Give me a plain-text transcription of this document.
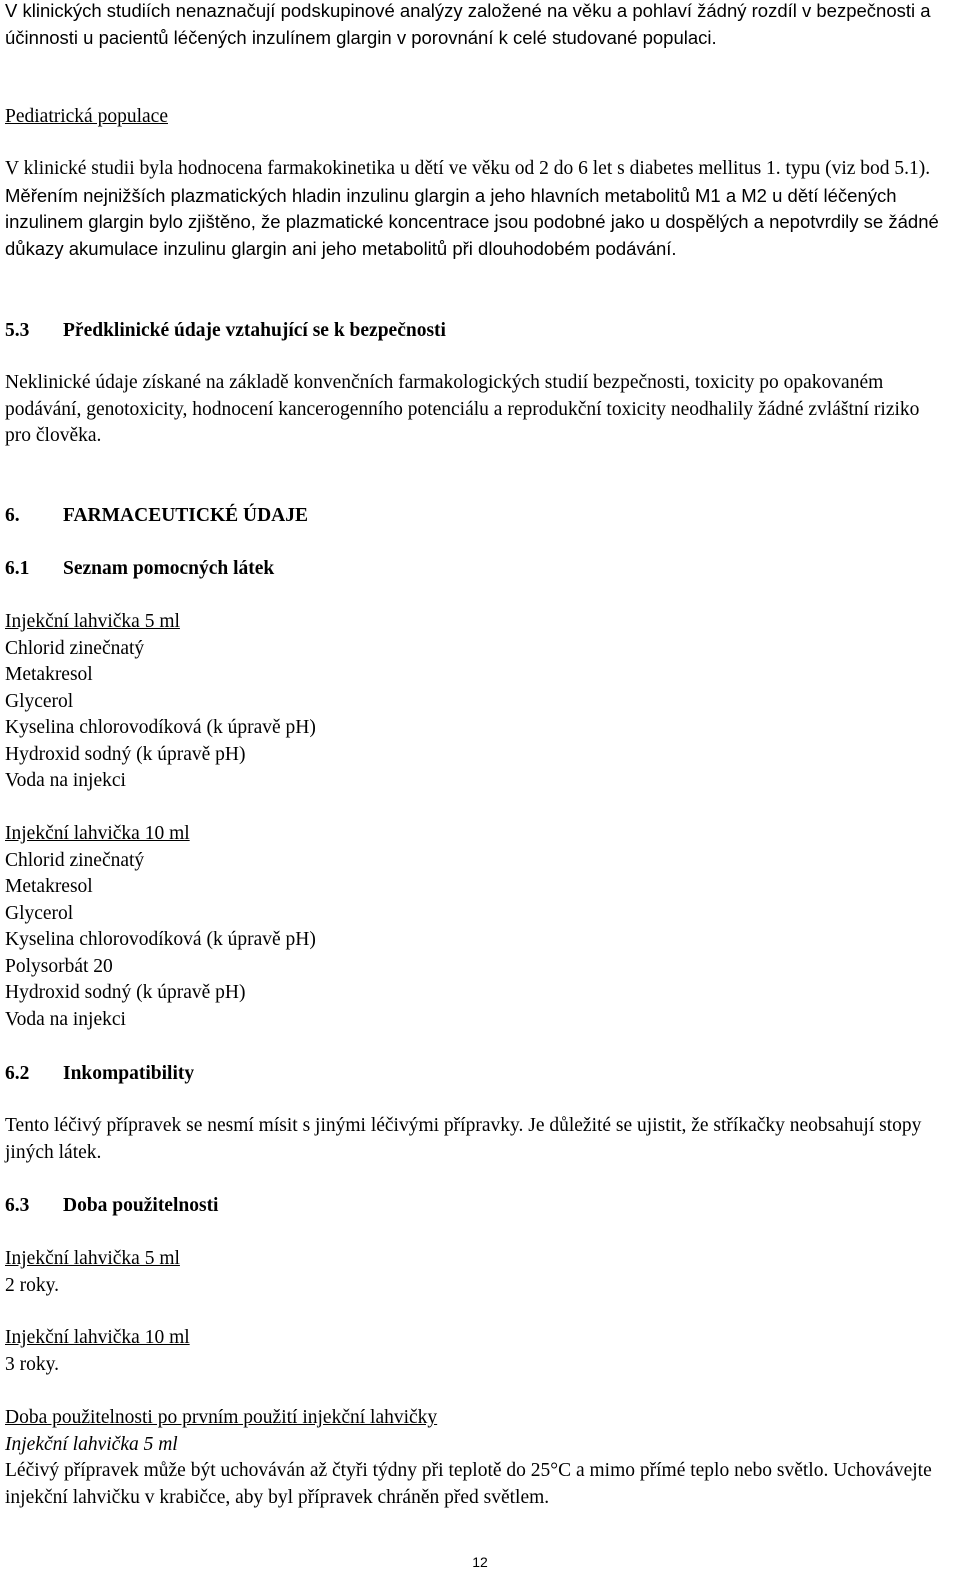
V klinických studiích nenaznačují podskupinové analýzy založené na věku a pohlaví žádný rozdíl v bezpečnosti a účinnosti u pacientů léčených inzulínem glargin v porovnání k celé studované populaci.

Pediatrická populace

V klinické studii byla hodnocena farmakokinetika u dětí ve věku od 2 do 6 let s diabetes mellitus 1. typu (viz bod 5.1). Měřením nejnižších plazmatických hladin inzulinu glargin a jeho hlavních metabolitů M1 a M2 u dětí léčených inzulinem glargin bylo zjištěno, že plazmatické koncentrace jsou podobné jako u dospělých a nepotvrdily se žádné důkazy akumulace inzulinu glargin ani jeho metabolitů při dlouhodobém podávání.

5.3	Předklinické údaje vztahující se k bezpečnosti

Neklinické údaje získané na základě konvenčních farmakologických studií bezpečnosti, toxicity po opakovaném podávání, genotoxicity, hodnocení kancerogenního potenciálu a reprodukční toxicity neodhalily žádné zvláštní riziko pro člověka.

6.	FARMACEUTICKÉ ÚDAJE
6.1	Seznam pomocných látek

Injekční lahvička 5 ml

Chlorid zinečnatý
Metakresol
Glycerol
Kyselina chlorovodíková (k úpravě pH)
Hydroxid sodný (k úpravě pH)
Voda na injekci

Injekční lahvička 10 ml

Chlorid zinečnatý
Metakresol
Glycerol
Kyselina chlorovodíková (k úpravě pH)
Polysorbát 20
Hydroxid sodný (k úpravě pH)
Voda na injekci
6.2	Inkompatibility

Tento léčivý přípravek se nesmí mísit s jinými léčivými přípravky. Je důležité se ujistit, že stříkačky neobsahují stopy jiných látek.

6.3	Doba použitelnosti

Injekční lahvička 5 ml

2 roky.

Injekční lahvička 10 ml

3 roky.

Doba použitelnosti po prvním použití injekční lahvičky

Injekční lahvička 5 ml

Léčivý přípravek může být uchováván až čtyři týdny při teplotě do 25°C a mimo přímé teplo nebo světlo. Uchovávejte injekční lahvičku v krabičce, aby byl přípravek chráněn před světlem.

12
